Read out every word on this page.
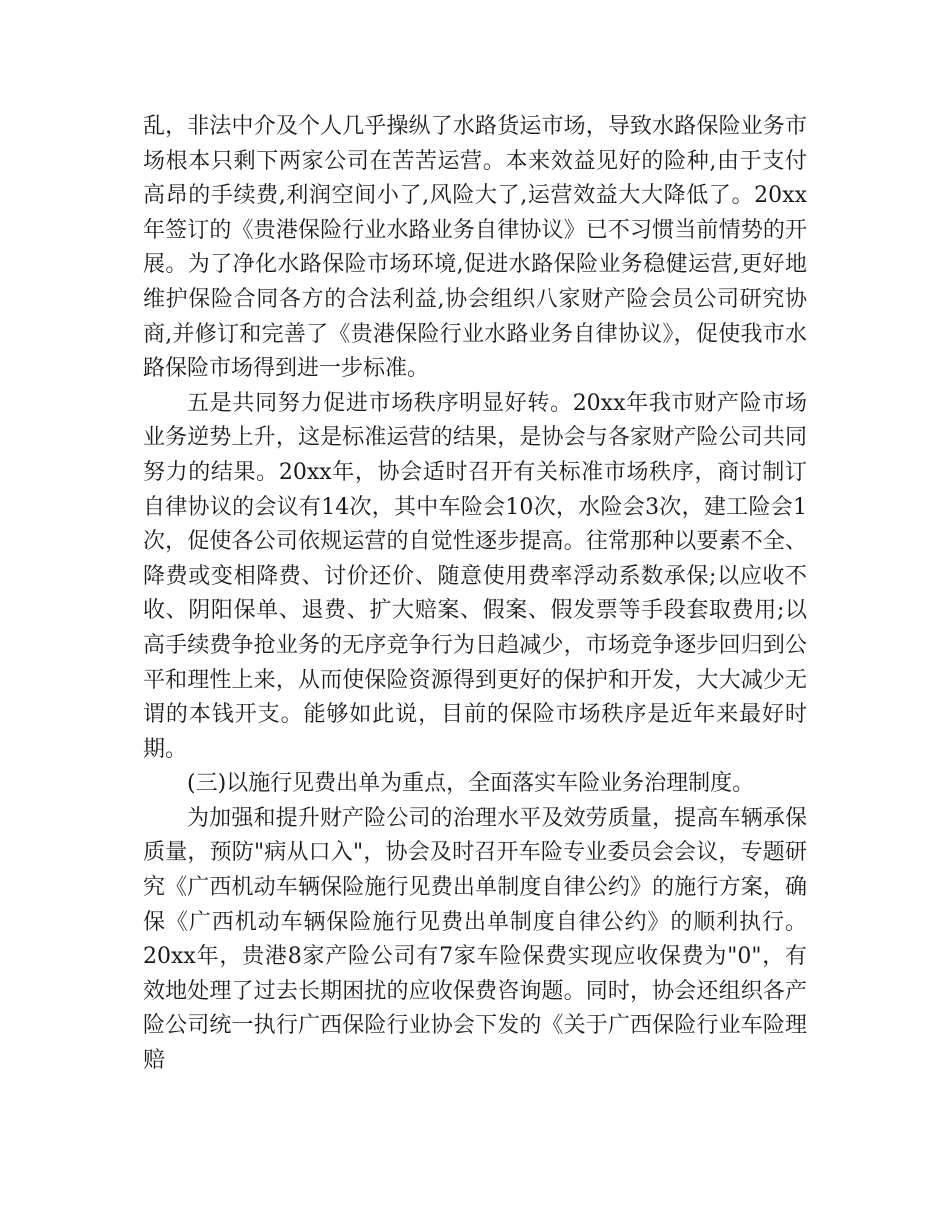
乱，非法中介及个人几乎操纵了水路货运市场，导致水路保险业务市场根本只剩下两家公司在苦苦运营。本来效益见好的险种,由于支付高昂的手续费,利润空间小了,风险大了,运营效益大大降低了。20xx年签订的《贵港保险行业水路业务自律协议》已不习惯当前情势的开展。为了净化水路保险市场环境,促进水路保险业务稳健运营,更好地维护保险合同各方的合法利益,协会组织八家财产险会员公司研究协商,并修订和完善了《贵港保险行业水路业务自律协议》，促使我市水路保险市场得到进一步标准。

五是共同努力促进市场秩序明显好转。20xx年我市财产险市场业务逆势上升，这是标准运营的结果，是协会与各家财产险公司共同努力的结果。20xx年，协会适时召开有关标准市场秩序，商讨制订自律协议的会议有14次，其中车险会10次，水险会3次，建工险会1次，促使各公司依规运营的自觉性逐步提高。往常那种以要素不全、降费或变相降费、讨价还价、随意使用费率浮动系数承保;以应收不收、阴阳保单、退费、扩大赔案、假案、假发票等手段套取费用;以高手续费争抢业务的无序竞争行为日趋减少，市场竞争逐步回归到公平和理性上来，从而使保险资源得到更好的保护和开发，大大减少无谓的本钱开支。能够如此说，目前的保险市场秩序是近年来最好时期。

(三)以施行见费出单为重点，全面落实车险业务治理制度。

为加强和提升财产险公司的治理水平及效劳质量，提高车辆承保质量，预防"病从口入"，协会及时召开车险专业委员会会议，专题研究《广西机动车辆保险施行见费出单制度自律公约》的施行方案，确保《广西机动车辆保险施行见费出单制度自律公约》的顺利执行。20xx年，贵港8家产险公司有7家车险保费实现应收保费为"0"，有效地处理了过去长期困扰的应收保费咨询题。同时，协会还组织各产险公司统一执行广西保险行业协会下发的《关于广西保险行业车险理赔
